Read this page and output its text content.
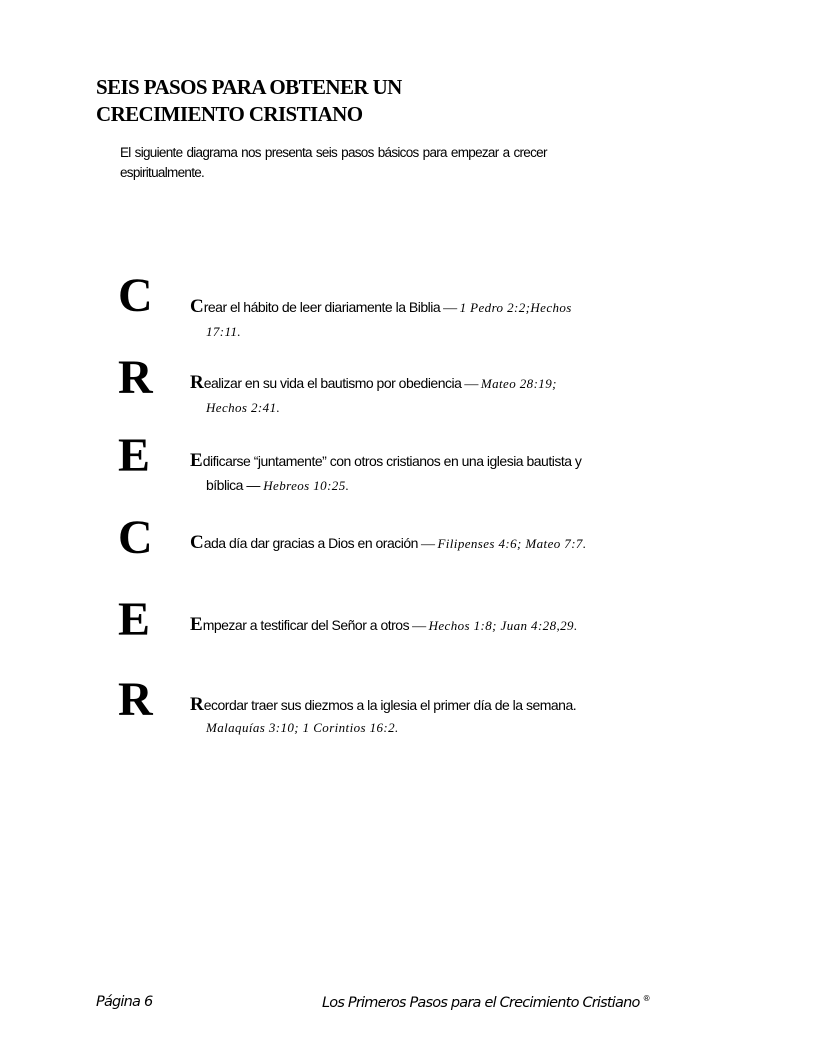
SEIS PASOS PARA OBTENER UN
CRECIMIENTO CRISTIANO

El siguiente diagrama nos presenta seis pasos básicos para empezar a crecer
espiritualmente.

C	Crear el hábito de leer diariamente la Biblia — 1 Pedro 2:2;Hechos
17:11.
R	Realizar en su vida el bautismo por obediencia — Mateo 28:19;
Hechos 2:41.
E	Edificarse “juntamente” con otros cristianos en una iglesia bautista y
bíblica — Hebreos 10:25.
C	Cada día dar gracias a Dios en oración — Filipenses 4:6; Mateo 7:7.
E	Empezar a testificar del Señor a otros — Hechos 1:8; Juan 4:28,29.
R	Recordar traer sus diezmos a la iglesia el primer día de la semana.
Malaquías 3:10; 1 Corintios 16:2.
Página 6	Los Primeros Pasos para el Crecimiento Cristiano ®
